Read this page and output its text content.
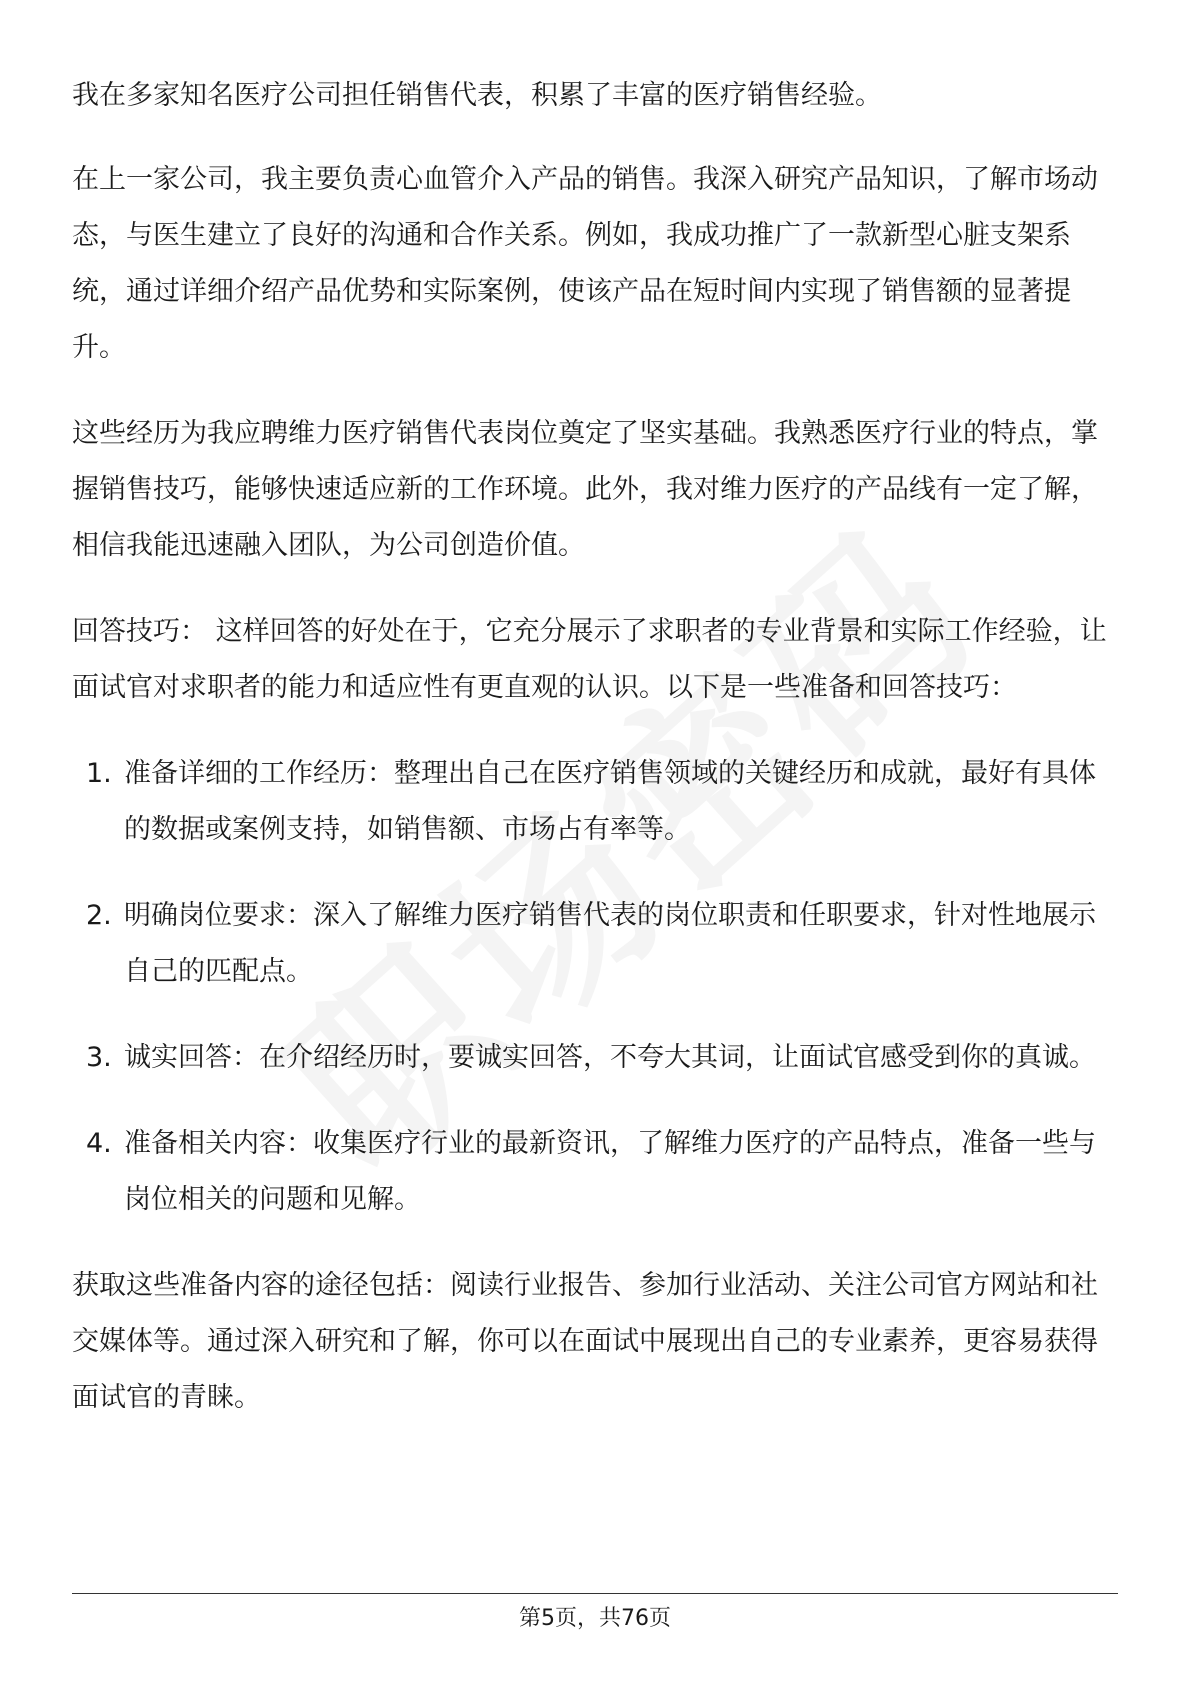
我在多家知名医疗公司担任销售代表，积累了丰富的医疗销售经验。

在上一家公司，我主要负责心血管介入产品的销售。我深入研究产品知识，了解市场动态，与医生建立了良好的沟通和合作关系。例如，我成功推广了一款新型心脏支架系统，通过详细介绍产品优势和实际案例，使该产品在短时间内实现了销售额的显著提升。

这些经历为我应聘维力医疗销售代表岗位奠定了坚实基础。我熟悉医疗行业的特点，掌握销售技巧，能够快速适应新的工作环境。此外，我对维力医疗的产品线有一定了解，相信我能迅速融入团队，为公司创造价值。

回答技巧： 这样回答的好处在于，它充分展示了求职者的专业背景和实际工作经验，让面试官对求职者的能力和适应性有更直观的认识。以下是一些准备和回答技巧：

1. 准备详细的工作经历：整理出自己在医疗销售领域的关键经历和成就，最好有具体的数据或案例支持，如销售额、市场占有率等。
2. 明确岗位要求：深入了解维力医疗销售代表的岗位职责和任职要求，针对性地展示自己的匹配点。
3. 诚实回答：在介绍经历时，要诚实回答，不夸大其词，让面试官感受到你的真诚。
4. 准备相关内容：收集医疗行业的最新资讯，了解维力医疗的产品特点，准备一些与岗位相关的问题和见解。

获取这些准备内容的途径包括：阅读行业报告、参加行业活动、关注公司官方网站和社交媒体等。通过深入研究和了解，你可以在面试中展现出自己的专业素养，更容易获得面试官的青睐。

第5页，共76页
